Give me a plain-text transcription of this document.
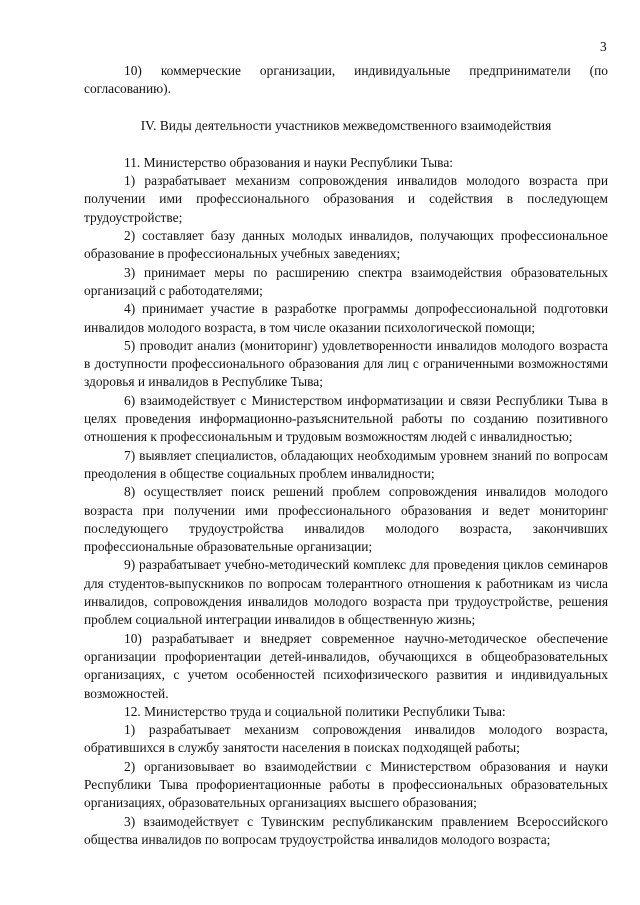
3

10) коммерческие организации, индивидуальные предприниматели (по согласованию).

IV. Виды деятельности участников межведомственного взаимодействия

11. Министерство образования и науки Республики Тыва:

1) разрабатывает механизм сопровождения инвалидов молодого возраста при получении ими профессионального образования и содействия в последующем трудоустройстве;

2) составляет базу данных молодых инвалидов, получающих профессиональное образование в профессиональных учебных заведениях;

3) принимает меры по расширению спектра взаимодействия образовательных организаций с работодателями;

4) принимает участие в разработке программы допрофессиональной подготовки инвалидов молодого возраста, в том числе оказании психологической помощи;

5) проводит анализ (мониторинг) удовлетворенности инвалидов молодого возраста в доступности профессионального образования для лиц с ограниченными возможностями здоровья и инвалидов в Республике Тыва;

6) взаимодействует с Министерством информатизации и связи Республики Тыва в целях проведения информационно-разъяснительной работы по созданию позитивного отношения к профессиональным и трудовым возможностям людей с инвалидностью;

7) выявляет специалистов, обладающих необходимым уровнем знаний по вопросам преодоления в обществе социальных проблем инвалидности;

8) осуществляет поиск решений проблем сопровождения инвалидов молодого возраста при получении ими профессионального образования и ведет мониторинг последующего трудоустройства инвалидов молодого возраста, закончивших профессиональные образовательные организации;

9) разрабатывает учебно-методический комплекс для проведения циклов семинаров для студентов-выпускников по вопросам толерантного отношения к работникам из числа инвалидов, сопровождения инвалидов молодого возраста при трудоустройстве, решения проблем социальной интеграции инвалидов в общественную жизнь;

10) разрабатывает и внедряет современное научно-методическое обеспечение организации профориентации детей-инвалидов, обучающихся в общеобразовательных организациях, с учетом особенностей психофизического развития и индивидуальных возможностей.

12. Министерство труда и социальной политики Республики Тыва:

1) разрабатывает механизм сопровождения инвалидов молодого возраста, обратившихся в службу занятости населения в поисках подходящей работы;

2) организовывает во взаимодействии с Министерством образования и науки Республики Тыва профориентационные работы в профессиональных образовательных организациях, образовательных организациях высшего образования;

3) взаимодействует с Тувинским республиканским правлением Всероссийского общества инвалидов по вопросам трудоустройства инвалидов молодого возраста;
